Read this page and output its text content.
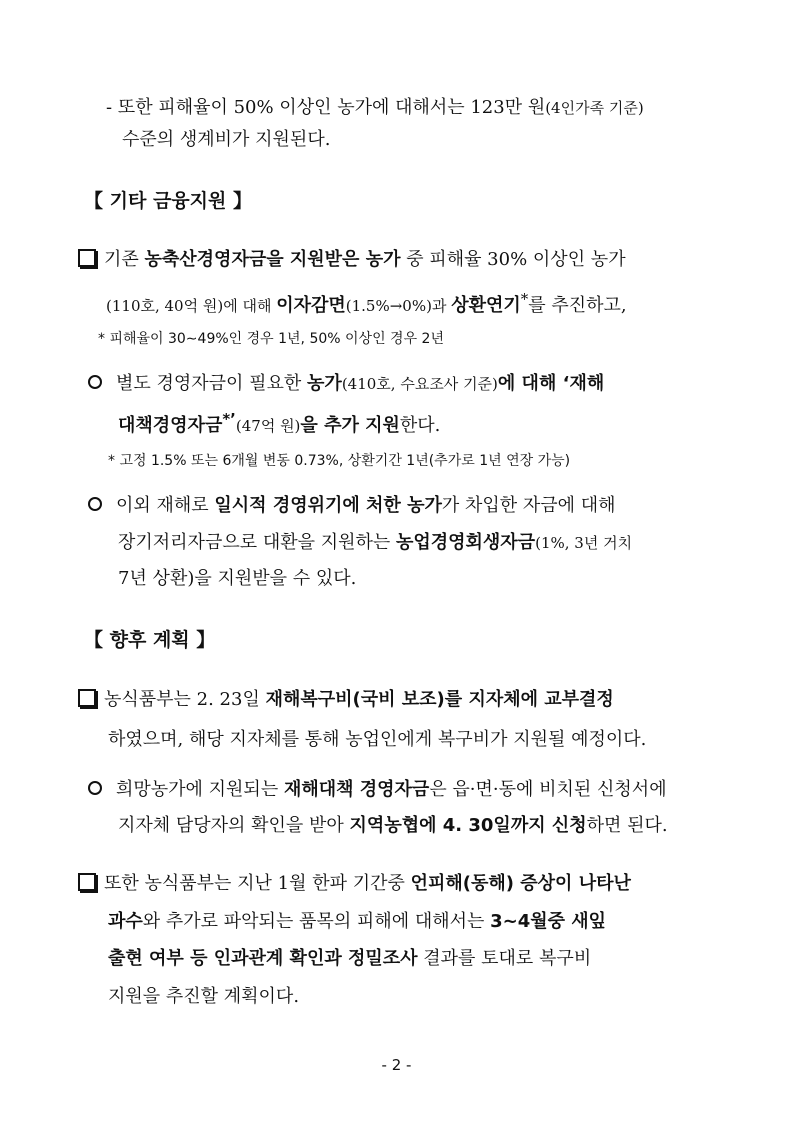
- 또한 피해율이 50% 이상인 농가에 대해서는 123만 원(4인가족 기준)
수준의 생계비가 지원된다.
【 기타 금융지원 】
기존 농축산경영자금을 지원받은 농가 중 피해율 30% 이상인 농가
(110호, 40억 원)에 대해 이자감면(1.5%→0%)과 상환연기*를 추진하고,
* 피해율이 30∼49%인 경우 1년, 50% 이상인 경우 2년
별도 경영자금이 필요한 농가(410호, 수요조사 기준)에 대해 ‘재해
대책경영자금*’(47억 원)을 추가 지원한다.
* 고정 1.5% 또는 6개월 변동 0.73%, 상환기간 1년(추가로 1년 연장 가능)
이외 재해로 일시적 경영위기에 처한 농가가 차입한 자금에 대해
장기저리자금으로 대환을 지원하는 농업경영회생자금(1%, 3년 거치
7년 상환)을 지원받을 수 있다.
【 향후 계획 】
농식품부는 2. 23일 재해복구비(국비 보조)를 지자체에 교부결정
하였으며, 해당 지자체를 통해 농업인에게 복구비가 지원될 예정이다.
희망농가에 지원되는 재해대책 경영자금은 읍·면·동에 비치된 신청서에
지자체 담당자의 확인을 받아 지역농협에 4. 30일까지 신청하면 된다.
또한 농식품부는 지난 1월 한파 기간중 언피해(동해) 증상이 나타난
과수와 추가로 파악되는 품목의 피해에 대해서는 3∼4월중 새잎
출현 여부 등 인과관계 확인과 정밀조사 결과를 토대로 복구비
지원을 추진할 계획이다.
- 2 -
